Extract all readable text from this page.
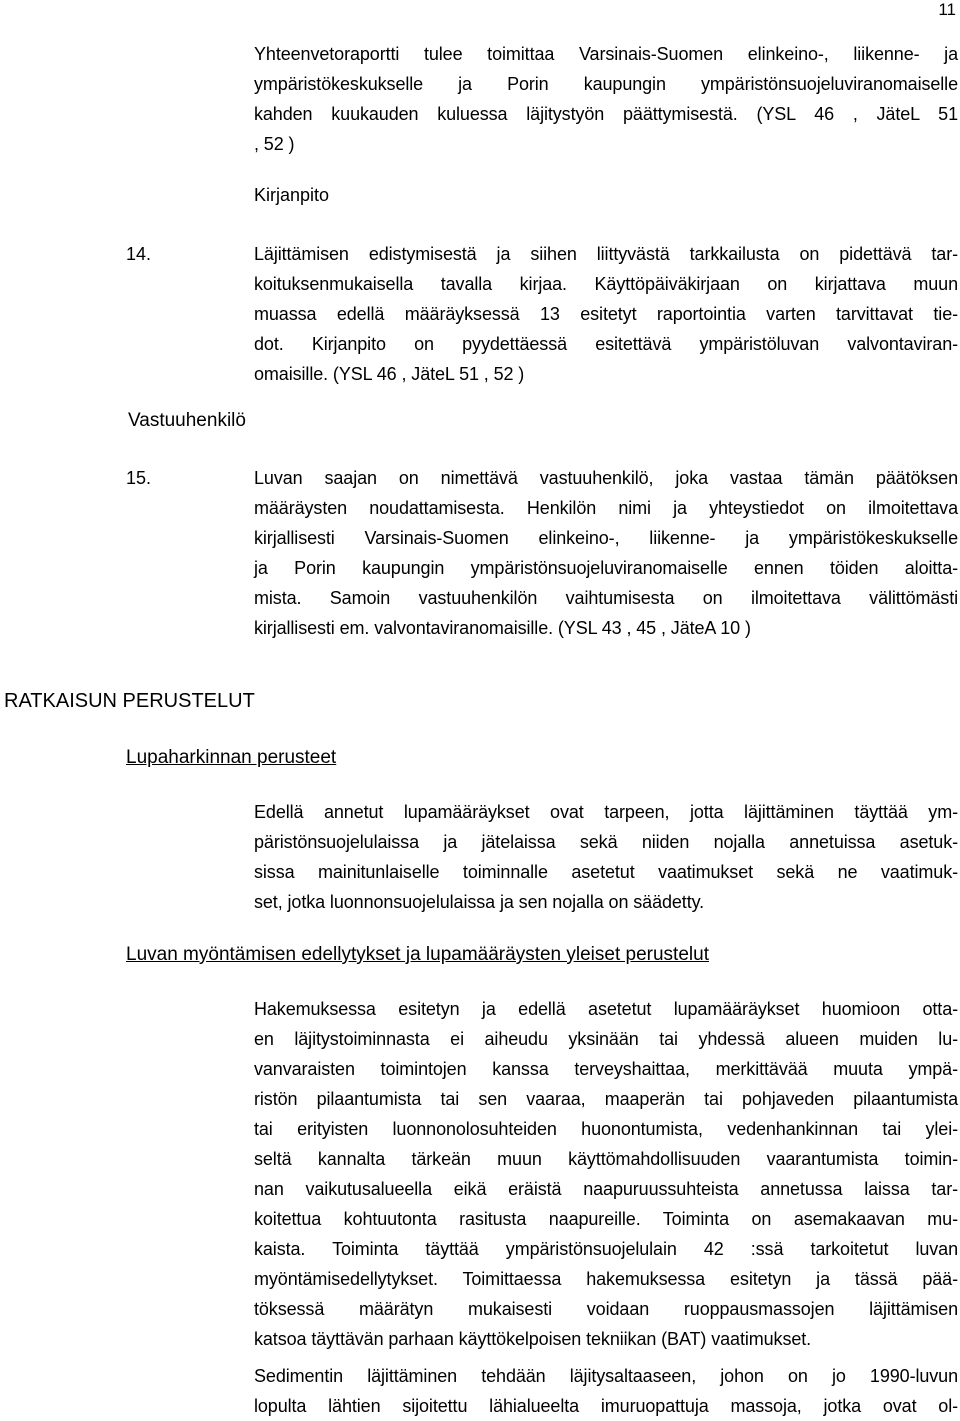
11
Yhteenvetoraportti tulee toimittaa Varsinais-Suomen elinkeino-, liikenne- ja
ympäristökeskukselle ja Porin kaupungin ympäristönsuojeluviranomaiselle
kahden kuukauden kuluessa läjitystyön päättymisestä. (YSL 46 , JäteL 51
, 52 )
Kirjanpito
14.	Läjittämisen edistymisestä ja siihen liittyvästä tarkkailusta on pidettävä tar-
koituksenmukaisella tavalla kirjaa. Käyttöpäiväkirjaan on kirjattava muun
muassa edellä määräyksessä 13 esitetyt raportointia varten tarvittavat tie-
dot. Kirjanpito on pyydettäessä esitettävä ympäristöluvan valvontaviran-
omaisille. (YSL 46 , JäteL 51 , 52 )
Vastuuhenkilö
15.	Luvan saajan on nimettävä vastuuhenkilö, joka vastaa tämän päätöksen
määräysten noudattamisesta. Henkilön nimi ja yhteystiedot on ilmoitettava
kirjallisesti Varsinais-Suomen elinkeino-, liikenne- ja ympäristökeskukselle
ja Porin kaupungin ympäristönsuojeluviranomaiselle ennen töiden aloitta-
mista. Samoin vastuuhenkilön vaihtumisesta on ilmoitettava välittömästi
kirjallisesti em. valvontaviranomaisille. (YSL 43 , 45 , JäteA 10 )
RATKAISUN PERUSTELUT
Lupaharkinnan perusteet
Edellä annetut lupamääräykset ovat tarpeen, jotta läjittäminen täyttää ym-
päristönsuojelulaissa ja jätelaissa sekä niiden nojalla annetuissa asetuk-
sissa mainitunlaiselle toiminnalle asetetut vaatimukset sekä ne vaatimuk-
set, jotka luonnonsuojelulaissa ja sen nojalla on säädetty.
Luvan myöntämisen edellytykset ja lupamääräysten yleiset perustelut
Hakemuksessa esitetyn ja edellä asetetut lupamääräykset huomioon otta-
en läjitystoiminnasta ei aiheudu yksinään tai yhdessä alueen muiden lu-
vanvaraisten toimintojen kanssa terveyshaittaa, merkittävää muuta ympä-
ristön pilaantumista tai sen vaaraa, maaperän tai pohjaveden pilaantumista
tai erityisten luonnonolosuhteiden huonontumista, vedenhankinnan tai ylei-
seltä kannalta tärkeän muun käyttömahdollisuuden vaarantumista toimin-
nan vaikutusalueella eikä eräistä naapuruussuhteista annetussa laissa tar-
koitettua kohtuutonta rasitusta naapureille. Toiminta on asemakaavan mu-
kaista. Toiminta täyttää ympäristönsuojelulain 42 :ssä tarkoitetut luvan
myöntämisedellytykset. Toimittaessa hakemuksessa esitetyn ja tässä pää-
töksessä määrätyn mukaisesti voidaan ruoppausmassojen läjittämisen
katsoa täyttävän parhaan käyttökelpoisen tekniikan (BAT) vaatimukset.
Sedimentin läjittäminen tehdään läjitysaltaaseen, johon on jo 1990-luvun
lopulta lähtien sijoitettu lähialueelta imuruopattuja massoja, jotka ovat ol-
